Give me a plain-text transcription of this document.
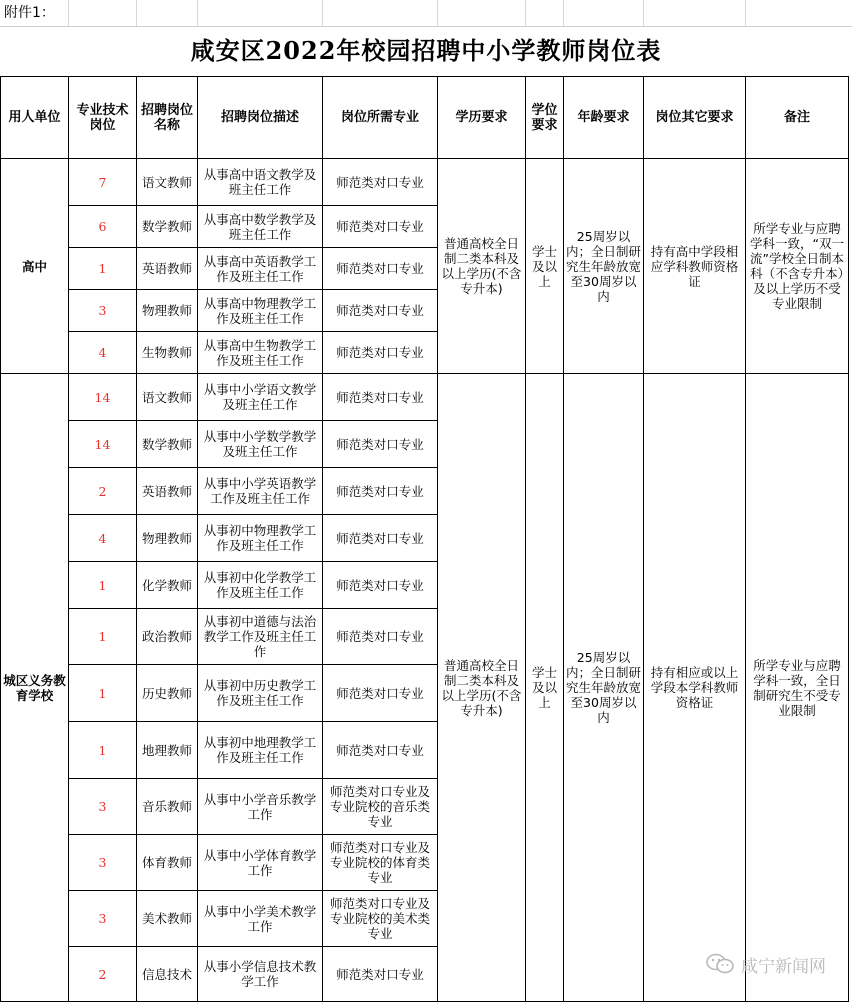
附件1：
咸安区2022年校园招聘中小学教师岗位表
用人单位	专业技术岗位	招聘岗位名称	招聘岗位描述	岗位所需专业	学历要求	学位要求	年龄要求	岗位其它要求	备注
高中	7	语文教师	从事高中语文教学及班主任工作	师范类对口专业	普通高校全日制二类本科及以上学历(不含专升本)	学士及以上	25周岁以内；全日制研究生年龄放宽至30周岁以内	持有高中学段相应学科教师资格证	所学专业与应聘学科一致，“双一流”学校全日制本科（不含专升本）及以上学历不受专业限制
	6	数学教师	从事高中数学教学及班主任工作	师范类对口专业					
	1	英语教师	从事高中英语教学工作及班主任工作	师范类对口专业					
	3	物理教师	从事高中物理教学工作及班主任工作	师范类对口专业					
	4	生物教师	从事高中生物教学工作及班主任工作	师范类对口专业					
城区义务教育学校	14	语文教师	从事中小学语文教学及班主任工作	师范类对口专业	普通高校全日制二类本科及以上学历(不含专升本)	学士及以上	25周岁以内；全日制研究生年龄放宽至30周岁以内	持有相应或以上学段本学科教师资格证	所学专业与应聘学科一致，全日制研究生不受专业限制
	14	数学教师	从事中小学数学教学及班主任工作	师范类对口专业					
	2	英语教师	从事中小学英语教学工作及班主任工作	师范类对口专业					
	4	物理教师	从事初中物理教学工作及班主任工作	师范类对口专业					
	1	化学教师	从事初中化学教学工作及班主任工作	师范类对口专业					
	1	政治教师	从事初中道德与法治教学工作及班主任工作	师范类对口专业					
	1	历史教师	从事初中历史教学工作及班主任工作	师范类对口专业					
	1	地理教师	从事初中地理教学工作及班主任工作	师范类对口专业					
	3	音乐教师	从事中小学音乐教学工作	师范类对口专业及专业院校的音乐类专业					
	3	体育教师	从事中小学体育教学工作	师范类对口专业及专业院校的体育类专业					
	3	美术教师	从事中小学美术教学工作	师范类对口专业及专业院校的美术类专业					
	2	信息技术	从事小学信息技术教学工作	师范类对口专业						咸宁新闻网
